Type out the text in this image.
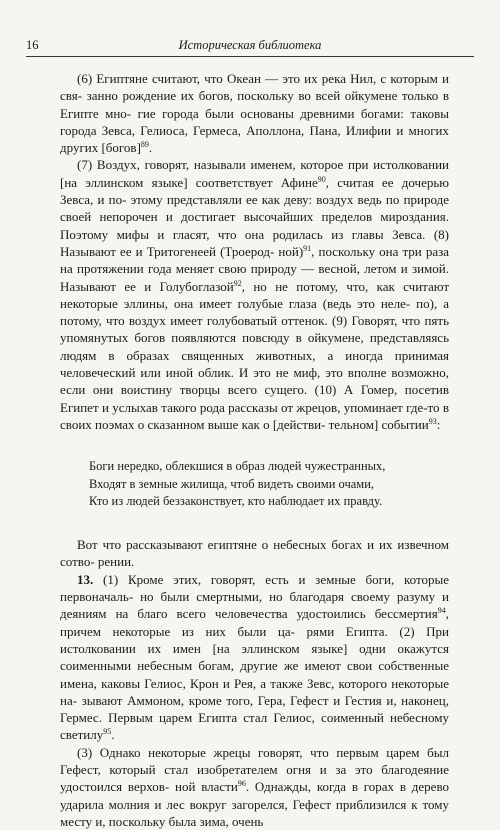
16	Историческая библиотека

(6) Египтяне считают, что Океан — это их река Нил, с которым и свя- занно рождение их богов, поскольку во всей ойкумене только в Египте мно- гие города были основаны древними богами: таковы города Зевса, Гелиоса, Гермеса, Аполлона, Пана, Илифии и многих других [богов]$^{89}$.

(7) Воздух, говорят, называли именем, которое при истолковании [на эллинском языке] соответствует Афине$^{90}$, считая ее дочерью Зевса, и по- этому представляли ее как деву: воздух ведь по природе своей непорочен и достигает высочайших пределов мироздания. Поэтому мифы и гласят, что она родилась из главы Зевса. (8) Называют ее и Тритогенеей (Троерод- ной)$^{91}$, поскольку она три раза на протяжении года меняет свою природу — весной, летом и зимой. Называют ее и Голубоглазой$^{92}$, но не потому, что, как считают некоторые эллины, она имеет голубые глаза (ведь это неле- по), а потому, что воздух имеет голубоватый оттенок. (9) Говорят, что пять упомянутых богов появляются повсюду в ойкумене, представляясь людям в образах священных животных, а иногда принимая человеческий или иной облик. И это не миф, это вполне возможно, если они воистину творцы всего сущего. (10) А Гомер, посетив Египет и услыхав такого рода рассказы от жрецов, упоминает где-то в своих поэмах о сказанном выше как о [действи- тельном] событии$^{93}$:

Боги нередко, облекшися в образ людей чужестранных,
Входят в земные жилища, чтоб видеть своими очами,
Кто из людей беззаконствует, кто наблюдает их правду.

Вот что рассказывают египтяне о небесных богах и их извечном сотво- рении.

13. (1) Кроме этих, говорят, есть и земные боги, которые первоначаль- но были смертными, но благодаря своему разуму и деяниям на благо всего человечества удостоились бессмертия$^{94}$, причем некоторые из них были ца- рями Египта. (2) При истолковании их имен [на эллинском языке] одни окажутся соименными небесным богам, другие же имеют свои собственные имена, каковы Гелиос, Крон и Рея, а также Зевс, которого некоторые на- зывают Аммоном, кроме того, Гера, Гефест и Гестия и, наконец, Гермес. Первым царем Египта стал Гелиос, соименный небесному светилу$^{95}$.

(3) Однако некоторые жрецы говорят, что первым царем был Гефест, который стал изобретателем огня и за это благодеяние удостоился верхов- ной власти$^{96}$. Однажды, когда в горах в дерево ударила молния и лес вокруг загорелся, Гефест приблизился к тому месту и, поскольку была зима, очень
